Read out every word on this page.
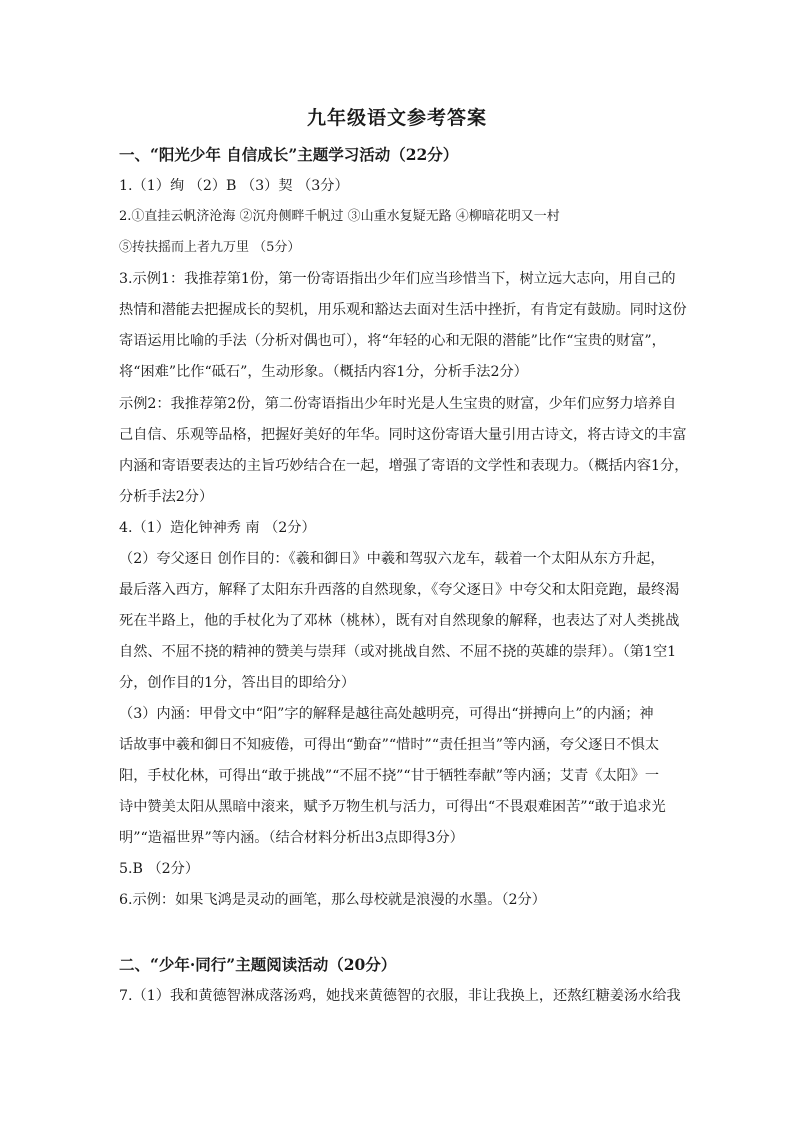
九年级语文参考答案
一、“阳光少年 自信成长”主题学习活动（22分）
1.（1）绚 （2）B （3）契 （3分）
2.①直挂云帆济沧海 ②沉舟侧畔千帆过 ③山重水复疑无路 ④柳暗花明又一村
⑤抟扶摇而上者九万里 （5分）
3.示例1：我推荐第1份，第一份寄语指出少年们应当珍惜当下，树立远大志向，用自己的
热情和潜能去把握成长的契机，用乐观和豁达去面对生活中挫折，有肯定有鼓励。同时这份
寄语运用比喻的手法（分析对偶也可），将“年轻的心和无限的潜能”比作“宝贵的财富”，
将“困难”比作“砥石”，生动形象。（概括内容1分，分析手法2分）
示例2：我推荐第2份，第二份寄语指出少年时光是人生宝贵的财富，少年们应努力培养自
己自信、乐观等品格，把握好美好的年华。同时这份寄语大量引用古诗文，将古诗文的丰富
内涵和寄语要表达的主旨巧妙结合在一起，增强了寄语的文学性和表现力。（概括内容1分，
分析手法2分）
4.（1）造化钟神秀 南 （2分）
（2）夸父逐日 创作目的：《羲和御日》中羲和驾驭六龙车，载着一个太阳从东方升起，
最后落入西方，解释了太阳东升西落的自然现象，《夸父逐日》中夸父和太阳竞跑，最终渴
死在半路上，他的手杖化为了邓林（桃林），既有对自然现象的解释，也表达了对人类挑战
自然、不屈不挠的精神的赞美与崇拜（或对挑战自然、不屈不挠的英雄的崇拜）。（第1空1
分，创作目的1分，答出目的即给分）
（3）内涵：甲骨文中“阳”字的解释是越往高处越明亮，可得出“拼搏向上”的内涵；神
话故事中羲和御日不知疲倦，可得出“勤奋”“惜时”“责任担当”等内涵，夸父逐日不惧太
阳，手杖化林，可得出“敢于挑战”“不屈不挠”“甘于牺牲奉献”等内涵；艾青《太阳》一
诗中赞美太阳从黑暗中滚来，赋予万物生机与活力，可得出“不畏艰难困苦”“敢于追求光
明”“造福世界”等内涵。（结合材料分析出3点即得3分）
5.B （2分）
6.示例：如果飞鸿是灵动的画笔，那么母校就是浪漫的水墨。（2分）
二、“少年·同行”主题阅读活动（20分）
7.（1）我和黄德智淋成落汤鸡，她找来黄德智的衣服，非让我换上，还熬红糖姜汤水给我
